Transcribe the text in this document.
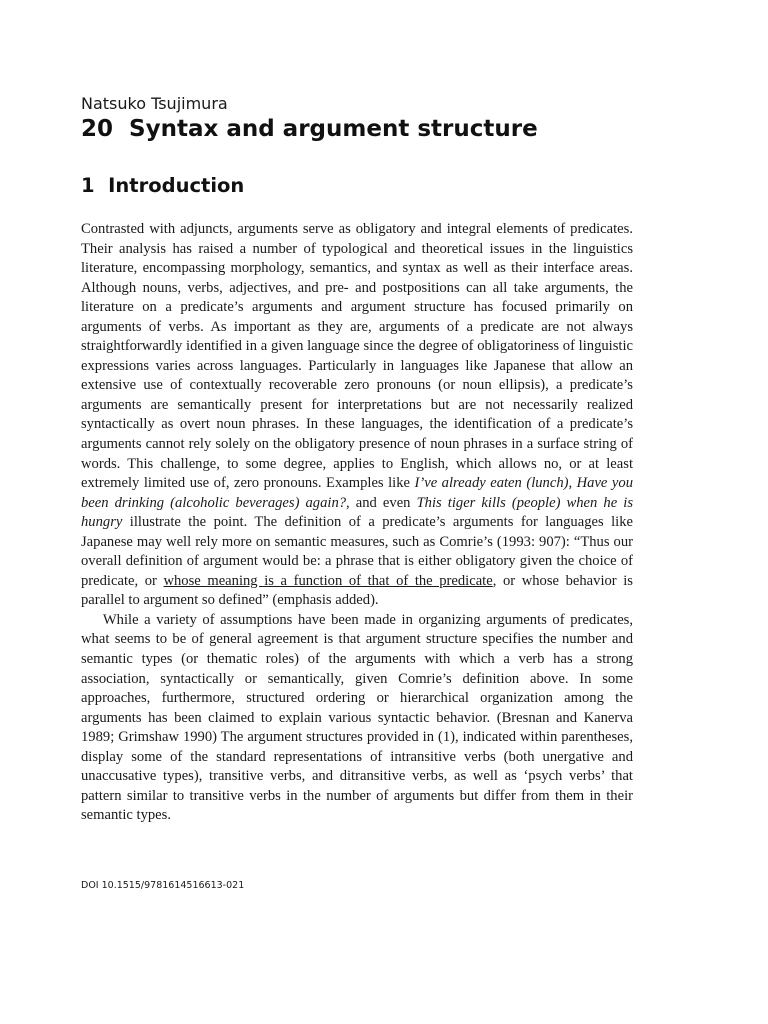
Natsuko Tsujimura
20 Syntax and argument structure
1 Introduction

Contrasted with adjuncts, arguments serve as obligatory and integral elements of predicates. Their analysis has raised a number of typological and theoretical issues in the linguistics literature, encompassing morphology, semantics, and syntax as well as their interface areas. Although nouns, verbs, adjectives, and pre- and postpositions can all take arguments, the literature on a predicate’s arguments and argument structure has focused primarily on arguments of verbs. As important as they are, arguments of a predicate are not always straightforwardly identified in a given language since the degree of obligatoriness of linguistic expressions varies across languages. Particularly in languages like Japanese that allow an extensive use of contextually recoverable zero pronouns (or noun ellipsis), a predicate’s arguments are semantically present for interpretations but are not necessarily realized syntactically as overt noun phrases. In these languages, the identification of a predicate’s arguments cannot rely solely on the obligatory presence of noun phrases in a surface string of words. This challenge, to some degree, applies to English, which allows no, or at least extremely limited use of, zero pronouns. Examples like I’ve already eaten (lunch), Have you been drinking (alcoholic beverages) again?, and even This tiger kills (people) when he is hungry illustrate the point. The definition of a predicate’s arguments for languages like Japanese may well rely more on semantic measures, such as Comrie’s (1993: 907): “Thus our overall definition of argument would be: a phrase that is either obligatory given the choice of predicate, or whose meaning is a function of that of the predicate, or whose behavior is parallel to argument so defined” (emphasis added).

While a variety of assumptions have been made in organizing arguments of predicates, what seems to be of general agreement is that argument structure specifies the number and semantic types (or thematic roles) of the arguments with which a verb has a strong association, syntactically or semantically, given Comrie’s definition above. In some approaches, furthermore, structured ordering or hierarchical organization among the arguments has been claimed to explain various syntactic behavior. (Bresnan and Kanerva 1989; Grimshaw 1990) The argument structures provided in (1), indicated within parentheses, display some of the standard representations of intransitive verbs (both unergative and unaccusative types), transitive verbs, and ditransitive verbs, as well as ‘psych verbs’ that pattern similar to transitive verbs in the number of arguments but differ from them in their semantic types.

DOI 10.1515/9781614516613-021
